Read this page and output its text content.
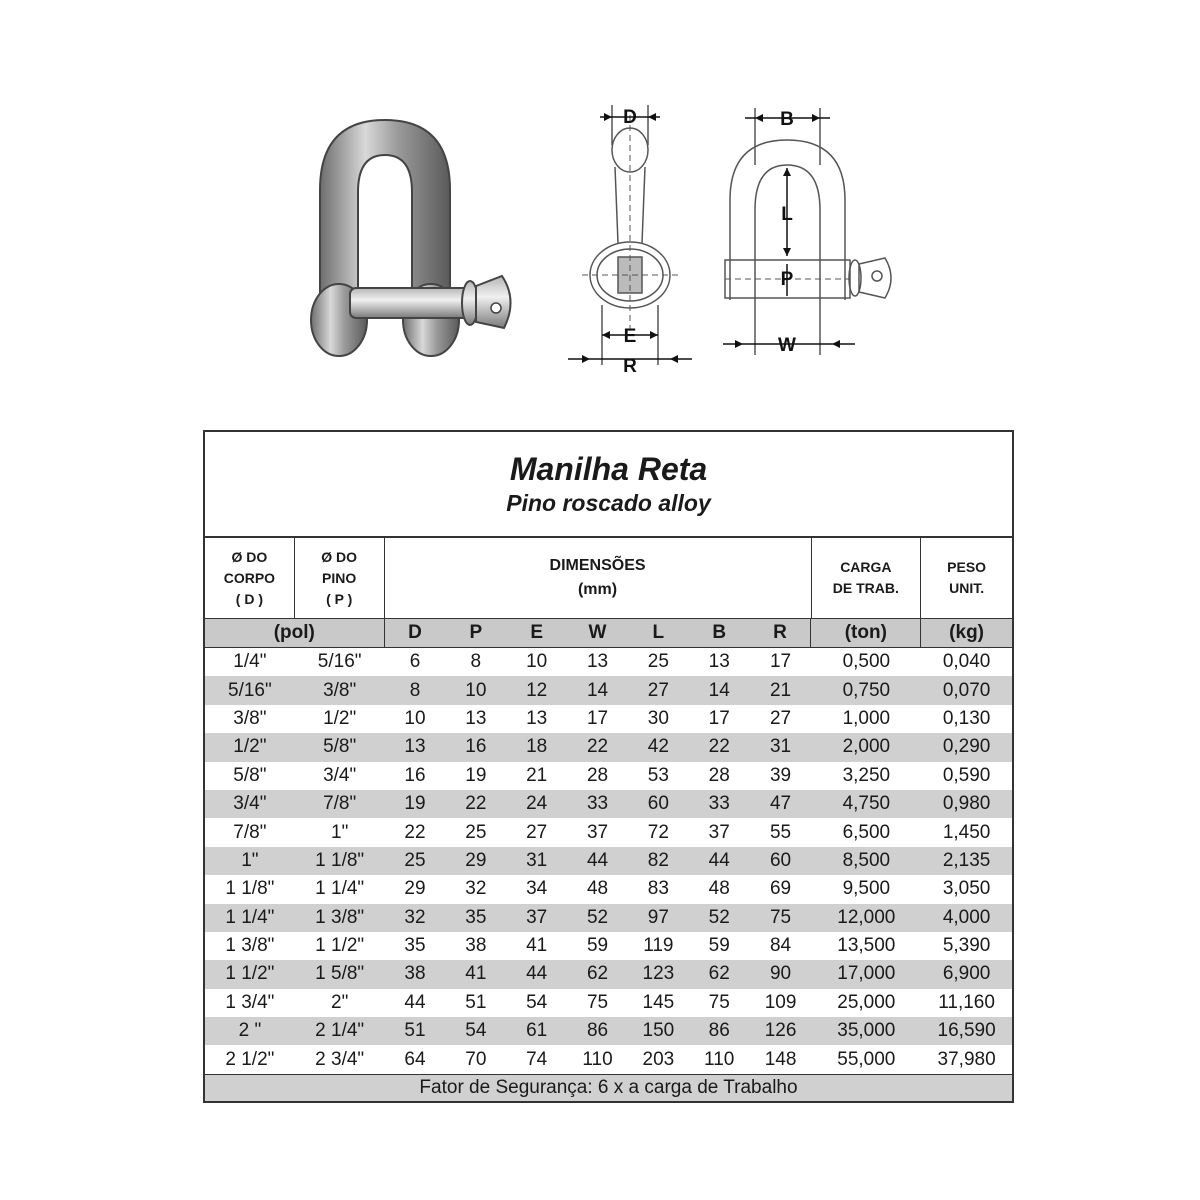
D
E
R
B
L
P
W
Manilha Reta
Pino roscado alloy
Ø DO
CORPO
( D )
Ø DO
PINO
( P )
DIMENSÕES
(mm)
CARGA
DE TRAB.
PESO
UNIT.
(pol)	D	P	E	W	L	B	R	(ton)	(kg)
1/4"	5/16"	6	8	10	13	25	13	17	0,500	0,040
5/16"	3/8"	8	10	12	14	27	14	21	0,750	0,070
3/8"	1/2"	10	13	13	17	30	17	27	1,000	0,130
1/2"	5/8"	13	16	18	22	42	22	31	2,000	0,290
5/8"	3/4"	16	19	21	28	53	28	39	3,250	0,590
3/4"	7/8"	19	22	24	33	60	33	47	4,750	0,980
7/8"	1"	22	25	27	37	72	37	55	6,500	1,450
1"	1 1/8"	25	29	31	44	82	44	60	8,500	2,135
1 1/8"	1 1/4"	29	32	34	48	83	48	69	9,500	3,050
1 1/4"	1 3/8"	32	35	37	52	97	52	75	12,000	4,000
1 3/8"	1 1/2"	35	38	41	59	119	59	84	13,500	5,390
1 1/2"	1 5/8"	38	41	44	62	123	62	90	17,000	6,900
1 3/4"	2"	44	51	54	75	145	75	109	25,000	11,160
2 "	2 1/4"	51	54	61	86	150	86	126	35,000	16,590
2 1/2"	2 3/4"	64	70	74	110	203	110	148	55,000	37,980
Fator de Segurança: 6 x a carga de Trabalho
